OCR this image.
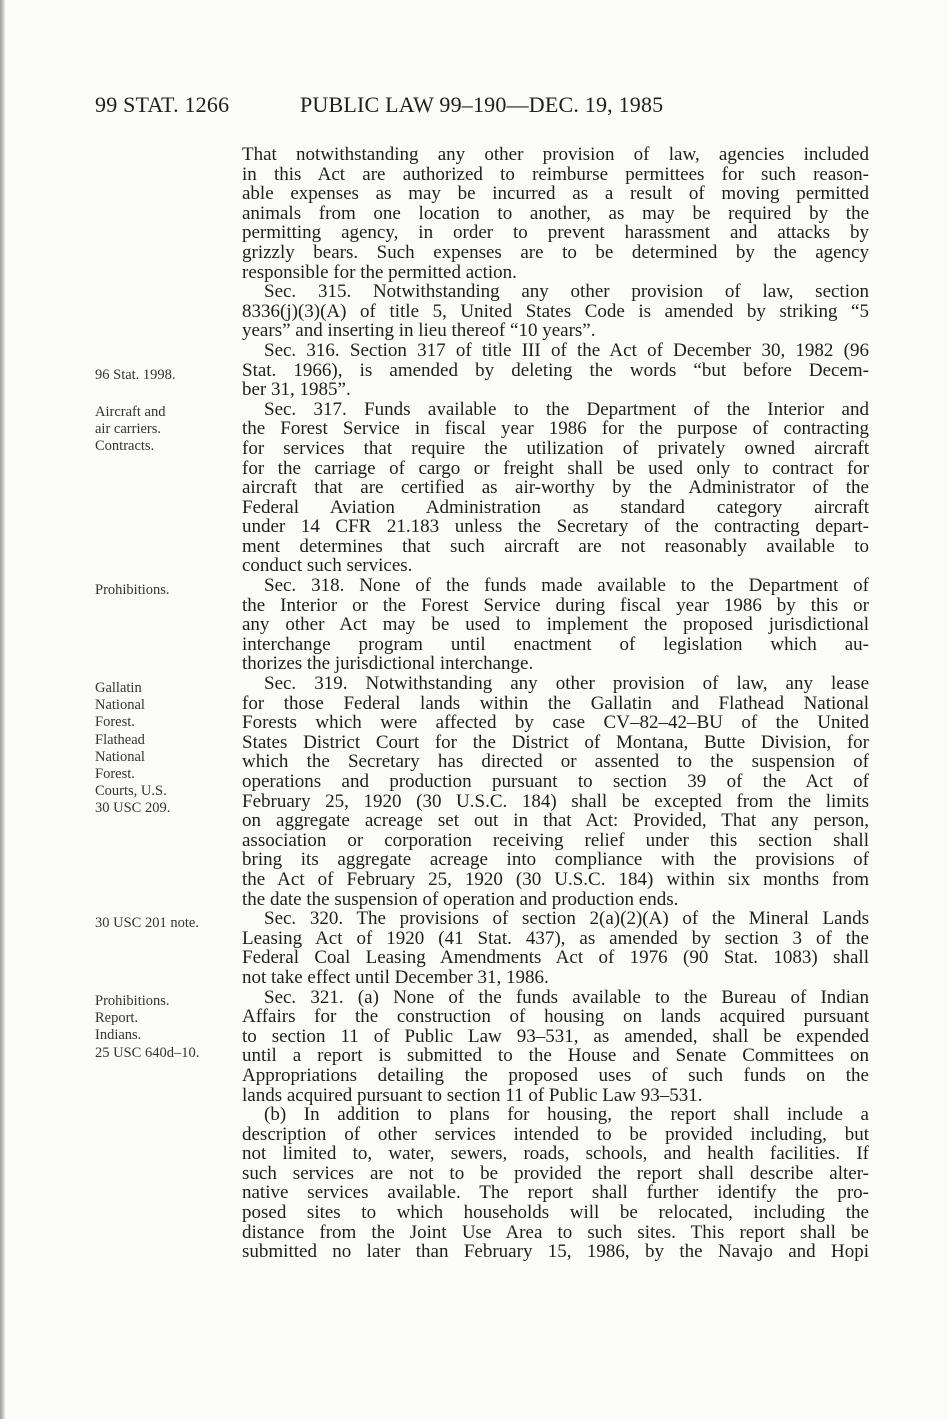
99 STAT. 1266	PUBLIC LAW 99–190—DEC. 19, 1985
That notwithstanding any other provision of law, agencies included
in this Act are authorized to reimburse permittees for such reason-
able expenses as may be incurred as a result of moving permitted
animals from one location to another, as may be required by the
permitting agency, in order to prevent harassment and attacks by
grizzly bears. Such expenses are to be determined by the agency
responsible for the permitted action.
Sec. 315. Notwithstanding any other provision of law, section
8336(j)(3)(A) of title 5, United States Code is amended by striking “5
years” and inserting in lieu thereof “10 years”.
Sec. 316. Section 317 of title III of the Act of December 30, 1982 (96
Stat. 1966), is amended by deleting the words “but before Decem-
ber 31, 1985”.
Sec. 317. Funds available to the Department of the Interior and
the Forest Service in fiscal year 1986 for the purpose of contracting
for services that require the utilization of privately owned aircraft
for the carriage of cargo or freight shall be used only to contract for
aircraft that are certified as air-worthy by the Administrator of the
Federal Aviation Administration as standard category aircraft
under 14 CFR 21.183 unless the Secretary of the contracting depart-
ment determines that such aircraft are not reasonably available to
conduct such services.
Sec. 318. None of the funds made available to the Department of
the Interior or the Forest Service during fiscal year 1986 by this or
any other Act may be used to implement the proposed jurisdictional
interchange program until enactment of legislation which au-
thorizes the jurisdictional interchange.
Sec. 319. Notwithstanding any other provision of law, any lease
for those Federal lands within the Gallatin and Flathead National
Forests which were affected by case CV–82–42–BU of the United
States District Court for the District of Montana, Butte Division, for
which the Secretary has directed or assented to the suspension of
operations and production pursuant to section 39 of the Act of
February 25, 1920 (30 U.S.C. 184) shall be excepted from the limits
on aggregate acreage set out in that Act: Provided, That any person,
association or corporation receiving relief under this section shall
bring its aggregate acreage into compliance with the provisions of
the Act of February 25, 1920 (30 U.S.C. 184) within six months from
the date the suspension of operation and production ends.
Sec. 320. The provisions of section 2(a)(2)(A) of the Mineral Lands
Leasing Act of 1920 (41 Stat. 437), as amended by section 3 of the
Federal Coal Leasing Amendments Act of 1976 (90 Stat. 1083) shall
not take effect until December 31, 1986.
Sec. 321. (a) None of the funds available to the Bureau of Indian
Affairs for the construction of housing on lands acquired pursuant
to section 11 of Public Law 93–531, as amended, shall be expended
until a report is submitted to the House and Senate Committees on
Appropriations detailing the proposed uses of such funds on the
lands acquired pursuant to section 11 of Public Law 93–531.
(b) In addition to plans for housing, the report shall include a
description of other services intended to be provided including, but
not limited to, water, sewers, roads, schools, and health facilities. If
such services are not to be provided the report shall describe alter-
native services available. The report shall further identify the pro-
posed sites to which households will be relocated, including the
distance from the Joint Use Area to such sites. This report shall be
submitted no later than February 15, 1986, by the Navajo and Hopi
96 Stat. 1998.
Aircraft and
air carriers.
Contracts.
Prohibitions.
Gallatin
National
Forest.
Flathead
National
Forest.
Courts, U.S.
30 USC 209.
30 USC 201 note.
Prohibitions.
Report.
Indians.
25 USC 640d–10.
